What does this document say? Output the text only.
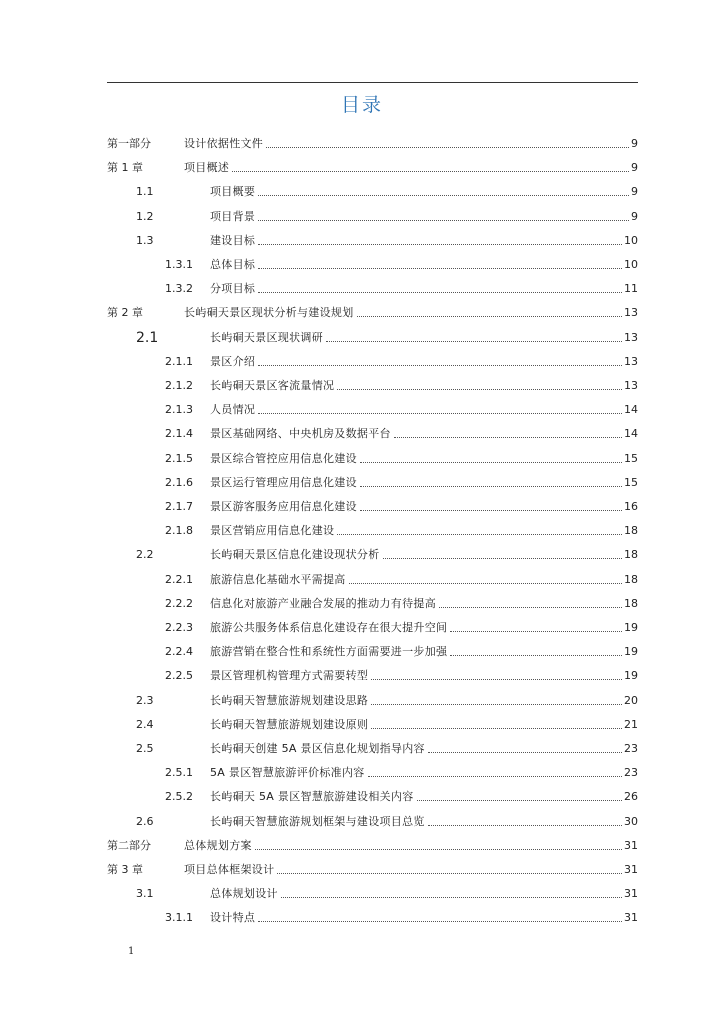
目录
第一部分	设计依据性文件	9
第 1 章	项目概述	9
1.1	项目概要	9
1.2	项目背景	9
1.3	建设目标	10
1.3.1	总体目标	10
1.3.2	分项目标	11
第 2 章	长屿硐天景区现状分析与建设规划	13
2.1	长屿硐天景区现状调研	13
2.1.1	景区介绍	13
2.1.2	长屿硐天景区客流量情况	13
2.1.3	人员情况	14
2.1.4	景区基础网络、中央机房及数据平台	14
2.1.5	景区综合管控应用信息化建设	15
2.1.6	景区运行管理应用信息化建设	15
2.1.7	景区游客服务应用信息化建设	16
2.1.8	景区营销应用信息化建设	18
2.2	长屿硐天景区信息化建设现状分析	18
2.2.1	旅游信息化基础水平需提高	18
2.2.2	信息化对旅游产业融合发展的推动力有待提高	18
2.2.3	旅游公共服务体系信息化建设存在很大提升空间	19
2.2.4	旅游营销在整合性和系统性方面需要进一步加强	19
2.2.5	景区管理机构管理方式需要转型	19
2.3	长屿硐天智慧旅游规划建设思路	20
2.4	长屿硐天智慧旅游规划建设原则	21
2.5	长屿硐天创建 5A 景区信息化规划指导内容	23
2.5.1	5A 景区智慧旅游评价标准内容	23
2.5.2	长屿硐天 5A 景区智慧旅游建设相关内容	26
2.6	长屿硐天智慧旅游规划框架与建设项目总览	30
第二部分	总体规划方案	31
第 3 章	项目总体框架设计	31
3.1	总体规划设计	31
3.1.1	设计特点	31
1
